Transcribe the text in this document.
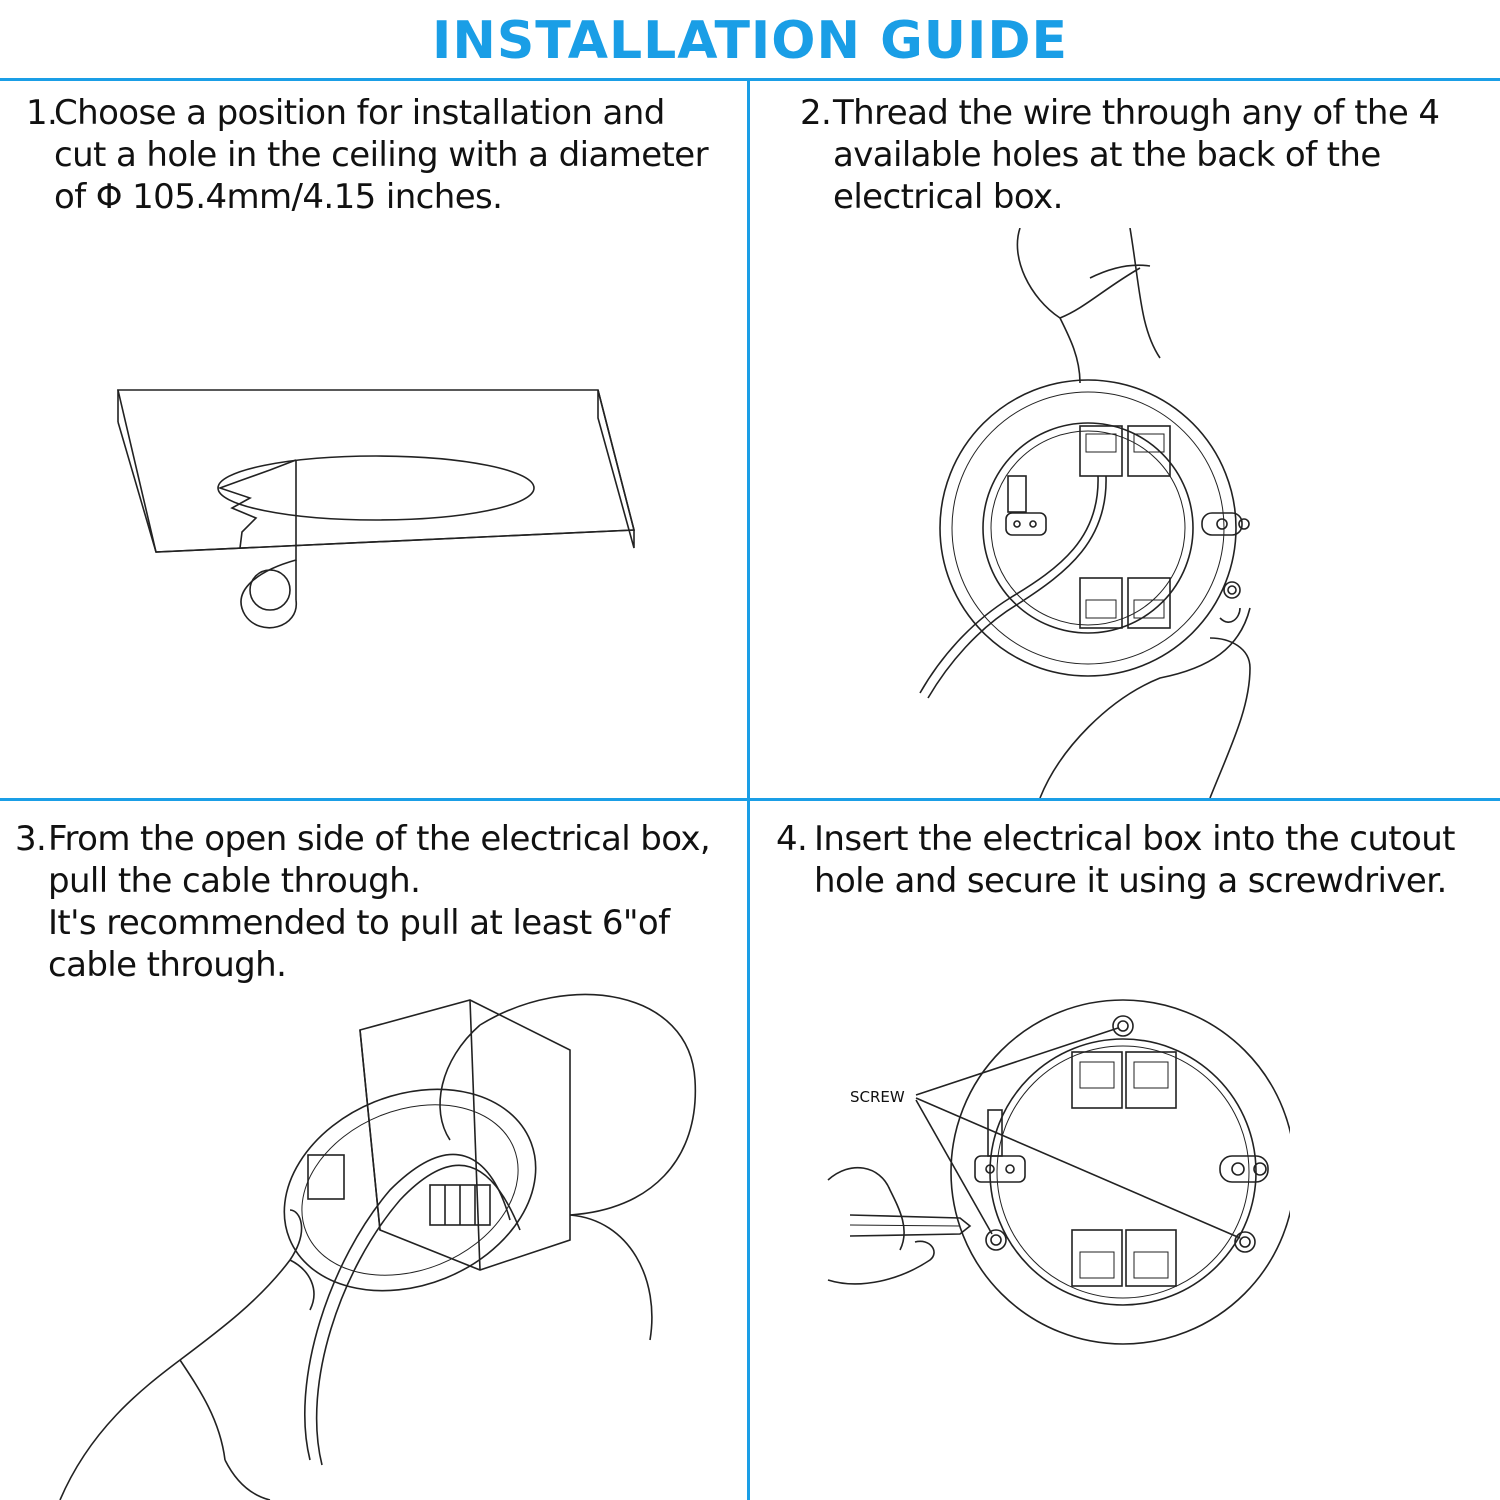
INSTALLATION GUIDE
1.
Choose a position for installation and
cut a hole in the ceiling with a diameter
of Φ 105.4mm/4.15 inches.
2. Thread the wire through any of the 4
available holes at the back of the
electrical box.
3. From the open side of the electrical box,
pull the cable through.
It's recommended to pull at least 6"of
cable through.
4. Insert the electrical box into the cutout
hole and secure it using a screwdriver.
SCREW
